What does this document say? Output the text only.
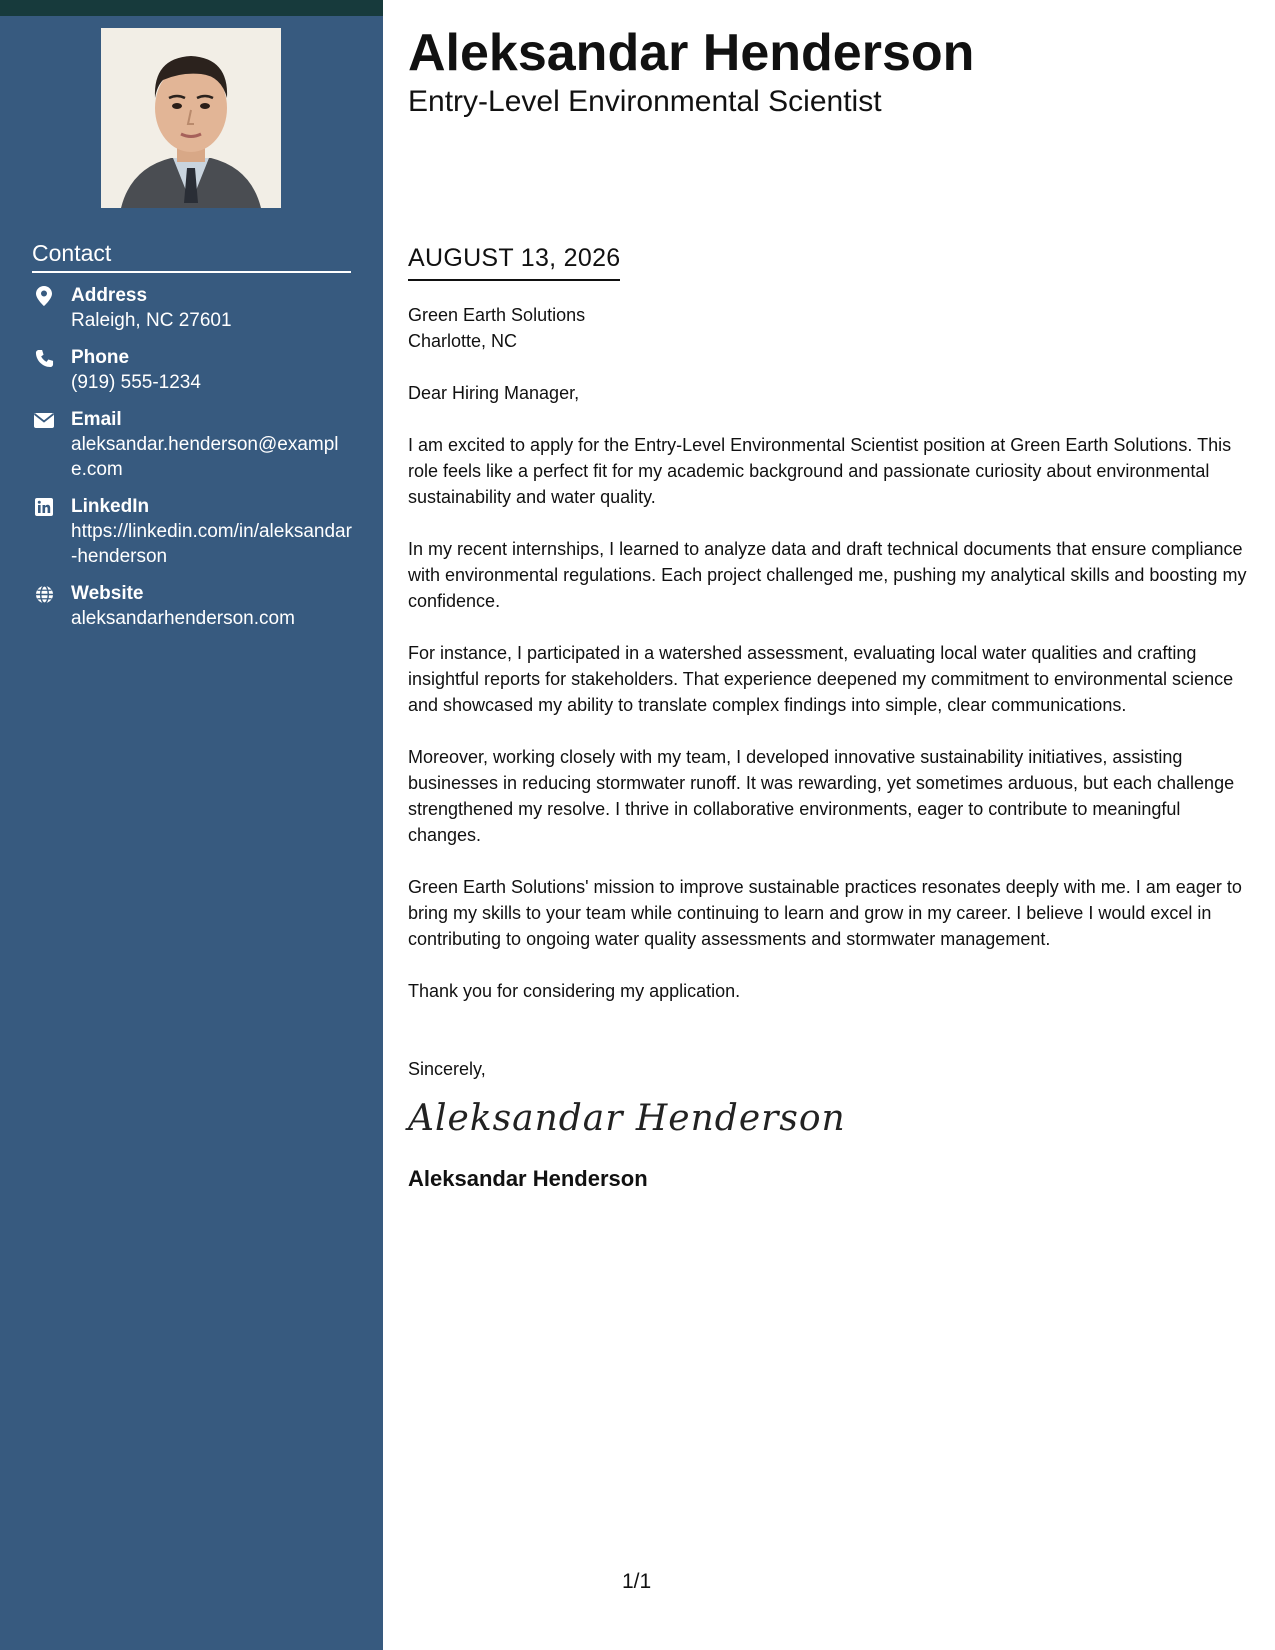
Contact
Address
Raleigh, NC 27601
Phone
(919) 555-1234
Email
aleksandar.henderson@example.com
LinkedIn
https://linkedin.com/in/aleksandar-henderson
Website
aleksandarhenderson.com
Aleksandar Henderson
Entry-Level Environmental Scientist
AUGUST 13, 2026
Green Earth Solutions
Charlotte, NC

Dear Hiring Manager,

I am excited to apply for the Entry-Level Environmental Scientist position at Green Earth Solutions. This role feels like a perfect fit for my academic background and passionate curiosity about environmental sustainability and water quality.

In my recent internships, I learned to analyze data and draft technical documents that ensure compliance with environmental regulations. Each project challenged me, pushing my analytical skills and boosting my confidence.

For instance, I participated in a watershed assessment, evaluating local water qualities and crafting insightful reports for stakeholders. That experience deepened my commitment to environmental science and showcased my ability to translate complex findings into simple, clear communications.

Moreover, working closely with my team, I developed innovative sustainability initiatives, assisting businesses in reducing stormwater runoff. It was rewarding, yet sometimes arduous, but each challenge strengthened my resolve. I thrive in collaborative environments, eager to contribute to meaningful changes.

Green Earth Solutions' mission to improve sustainable practices resonates deeply with me. I am eager to bring my skills to your team while continuing to learn and grow in my career. I believe I would excel in contributing to ongoing water quality assessments and stormwater management.

Thank you for considering my application.

Sincerely,
Aleksandar Henderson
Aleksandar Henderson
1/1
